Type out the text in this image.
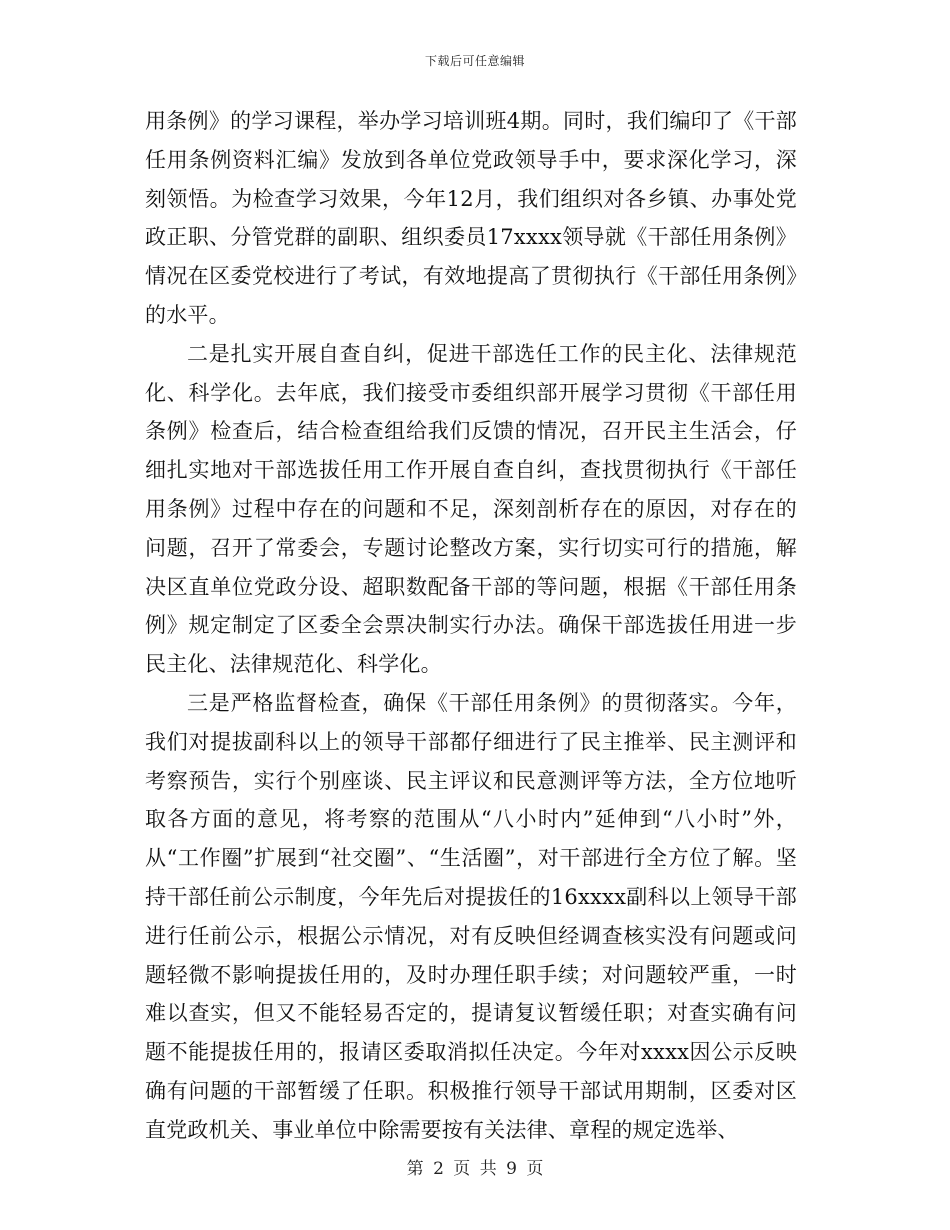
下载后可任意编辑

用条例》的学习课程，举办学习培训班4期。同时，我们编印了《干部任用条例资料汇编》发放到各单位党政领导手中，要求深化学习，深刻领悟。为检查学习效果，今年12月，我们组织对各乡镇、办事处党政正职、分管党群的副职、组织委员17xxxx领导就《干部任用条例》情况在区委党校进行了考试，有效地提高了贯彻执行《干部任用条例》的水平。

二是扎实开展自查自纠，促进干部选任工作的民主化、法律规范化、科学化。去年底，我们接受市委组织部开展学习贯彻《干部任用条例》检查后，结合检查组给我们反馈的情况，召开民主生活会，仔细扎实地对干部选拔任用工作开展自查自纠，查找贯彻执行《干部任用条例》过程中存在的问题和不足，深刻剖析存在的原因，对存在的问题，召开了常委会，专题讨论整改方案，实行切实可行的措施，解决区直单位党政分设、超职数配备干部的等问题，根据《干部任用条例》规定制定了区委全会票决制实行办法。确保干部选拔任用进一步民主化、法律规范化、科学化。

三是严格监督检查，确保《干部任用条例》的贯彻落实。今年，我们对提拔副科以上的领导干部都仔细进行了民主推举、民主测评和考察预告，实行个别座谈、民主评议和民意测评等方法，全方位地听取各方面的意见，将考察的范围从“八小时内”延伸到“八小时”外，从“工作圈”扩展到“社交圈”、“生活圈”，对干部进行全方位了解。坚持干部任前公示制度，今年先后对提拔任的16xxxx副科以上领导干部进行任前公示，根据公示情况，对有反映但经调查核实没有问题或问题轻微不影响提拔任用的，及时办理任职手续；对问题较严重，一时难以查实，但又不能轻易否定的，提请复议暂缓任职；对查实确有问题不能提拔任用的，报请区委取消拟任决定。今年对xxxx因公示反映确有问题的干部暂缓了任职。积极推行领导干部试用期制，区委对区直党政机关、事业单位中除需要按有关法律、章程的规定选举、

第 2 页 共 9 页
